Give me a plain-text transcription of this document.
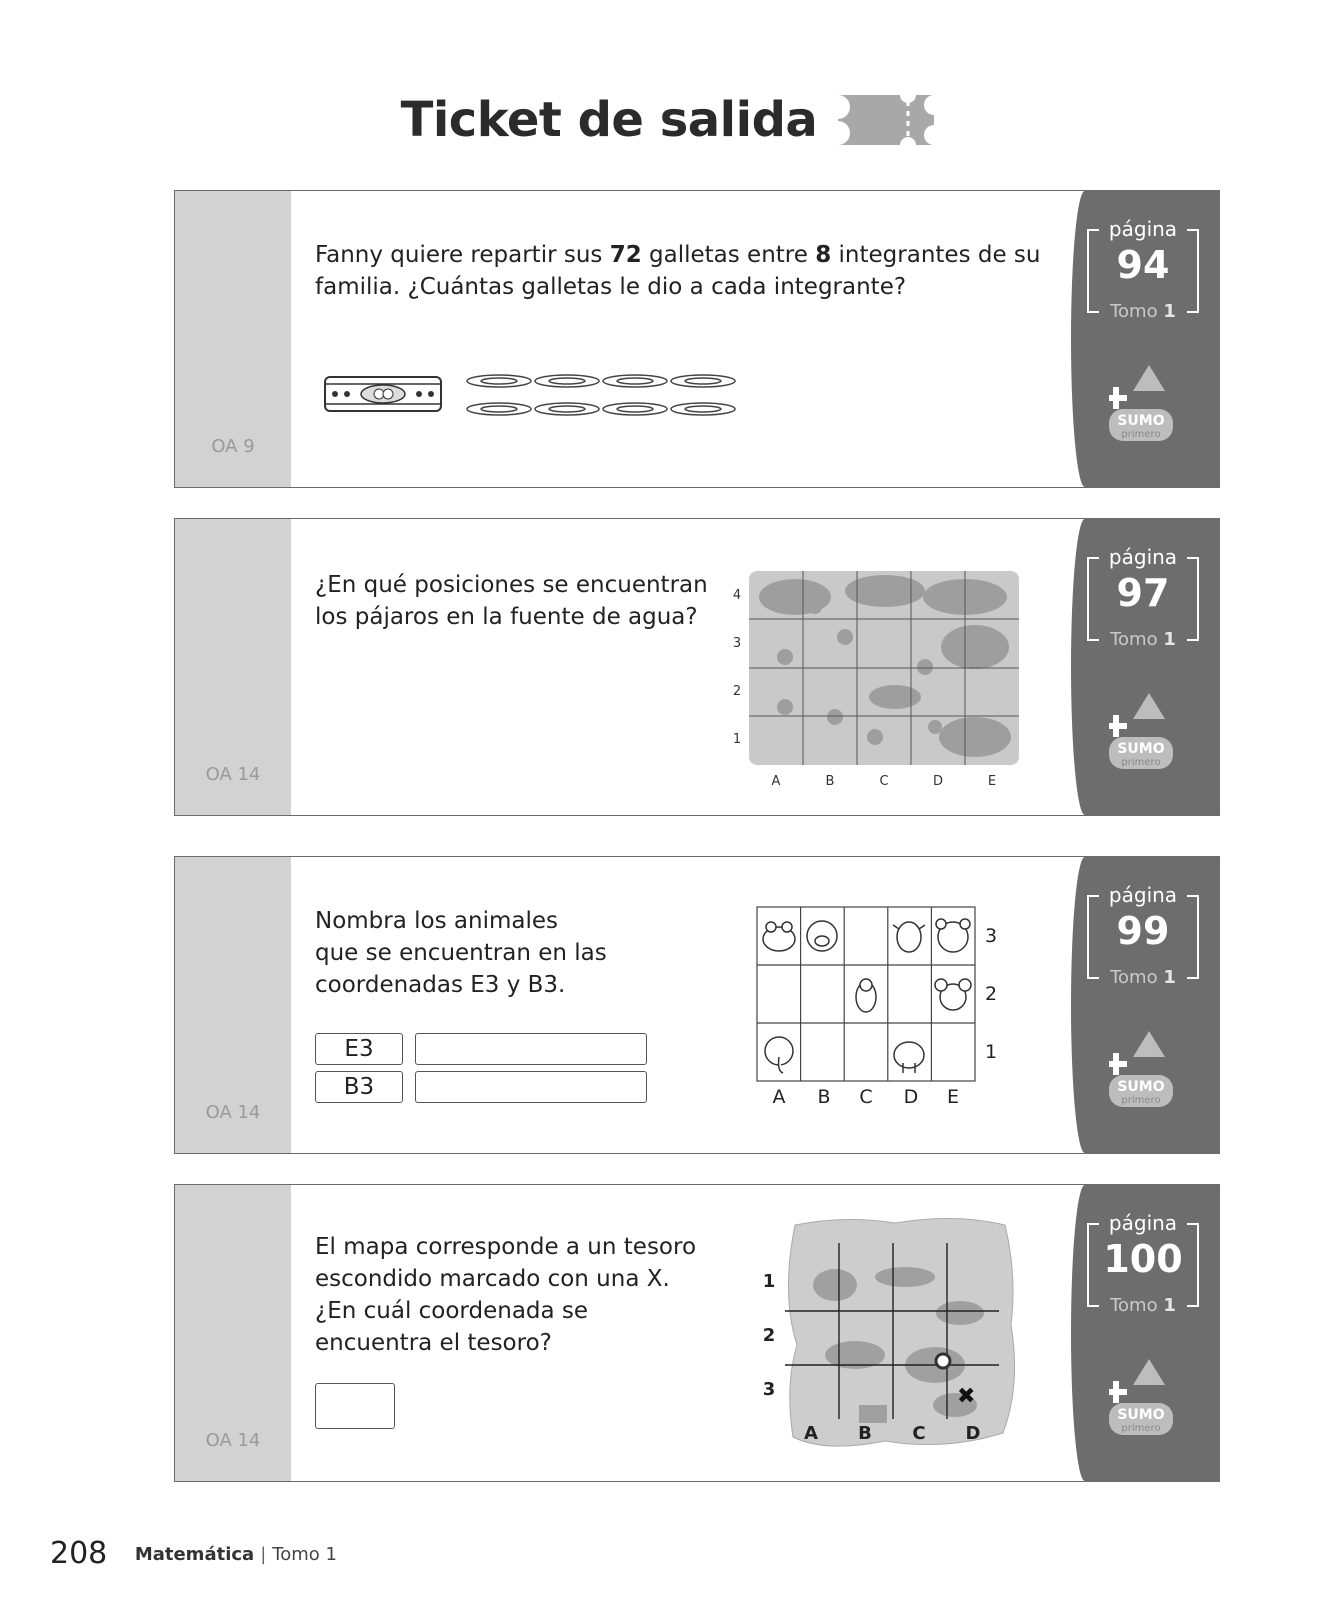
Ticket de salida
OA 9
Fanny quiere repartir sus 72 galletas entre 8 integrantes de su
familia. ¿Cuántas galletas le dio a cada integrante?
página
94
Tomo 1
SUMO
primero
OA 14
¿En qué posiciones se encuentran
los pájaros en la fuente de agua?
4
3
2
1
A	B	C	D	E
página
97
Tomo 1
SUMO
primero
OA 14
Nombra los animales
que se encuentran en las
coordenadas E3 y B3.
E3
B3
3
2
1
A B C D E
página
99
Tomo 1
SUMO
primero
OA 14
El mapa corresponde a un tesoro
escondido marcado con una X.
¿En cuál coordenada se
encuentra el tesoro?
✖
1
2
3
A B C D
página
100
Tomo 1
SUMO
primero
208 Matemática | Tomo 1
